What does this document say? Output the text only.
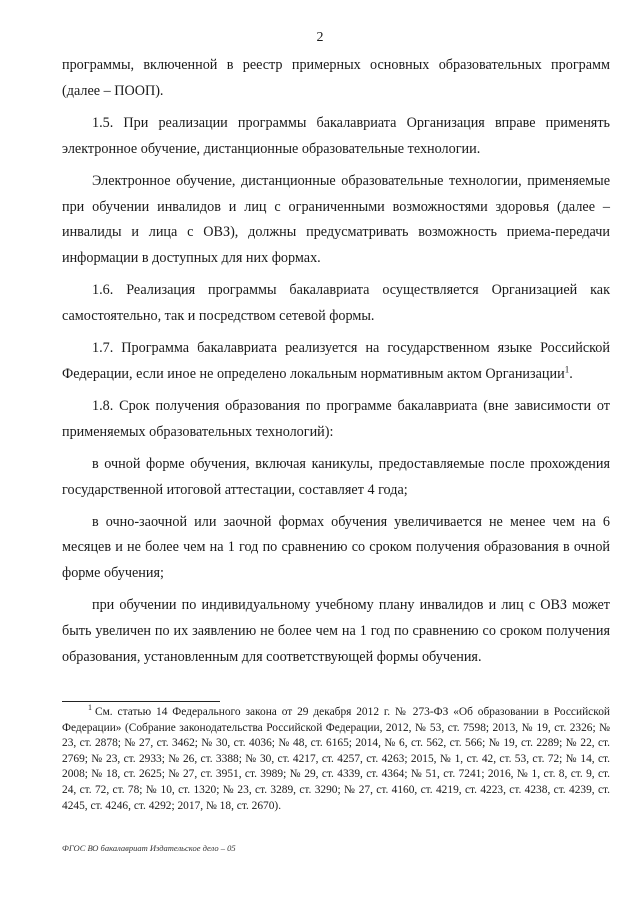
2

программы, включенной в реестр примерных основных образовательных программ (далее – ПООП).

1.5. При реализации программы бакалавриата Организация вправе применять электронное обучение, дистанционные образовательные технологии.

Электронное обучение, дистанционные образовательные технологии, применяемые при обучении инвалидов и лиц с ограниченными возможностями здоровья (далее – инвалиды и лица с ОВЗ), должны предусматривать возможность приема-передачи информации в доступных для них формах.

1.6. Реализация программы бакалавриата осуществляется Организацией как самостоятельно, так и посредством сетевой формы.

1.7. Программа бакалавриата реализуется на государственном языке Российской Федерации, если иное не определено локальным нормативным актом Организации$^1$.

1.8. Срок получения образования по программе бакалавриата (вне зависимости от применяемых образовательных технологий):

в очной форме обучения, включая каникулы, предоставляемые после прохождения государственной итоговой аттестации, составляет 4 года;

в очно-заочной или заочной формах обучения увеличивается не менее чем на 6 месяцев и не более чем на 1 год по сравнению со сроком получения образования в очной форме обучения;

при обучении по индивидуальному учебному плану инвалидов и лиц с ОВЗ может быть увеличен по их заявлению не более чем на 1 год по сравнению со сроком получения образования, установленным для соответствующей формы обучения.

$^1$ См. статью 14 Федерального закона от 29 декабря 2012 г. № 273-ФЗ «Об образовании в Российской Федерации» (Собрание законодательства Российской Федерации, 2012, № 53, ст. 7598; 2013, № 19, ст. 2326; № 23, ст. 2878; № 27, ст. 3462; № 30, ст. 4036; № 48, ст. 6165; 2014, № 6, ст. 562, ст. 566; № 19, ст. 2289; № 22, ст. 2769; № 23, ст. 2933; № 26, ст. 3388; № 30, ст. 4217, ст. 4257, ст. 4263; 2015, № 1, ст. 42, ст. 53, ст. 72; № 14, ст. 2008; № 18, ст. 2625; № 27, ст. 3951, ст. 3989; № 29, ст. 4339, ст. 4364; № 51, ст. 7241; 2016, № 1, ст. 8, ст. 9, ст. 24, ст. 72, ст. 78; № 10, ст. 1320; № 23, ст. 3289, ст. 3290; № 27, ст. 4160, ст. 4219, ст. 4223, ст. 4238, ст. 4239, ст. 4245, ст. 4246, ст. 4292; 2017, № 18, ст. 2670).
ФГОС ВО бакалавриат Издательское дело – 05
